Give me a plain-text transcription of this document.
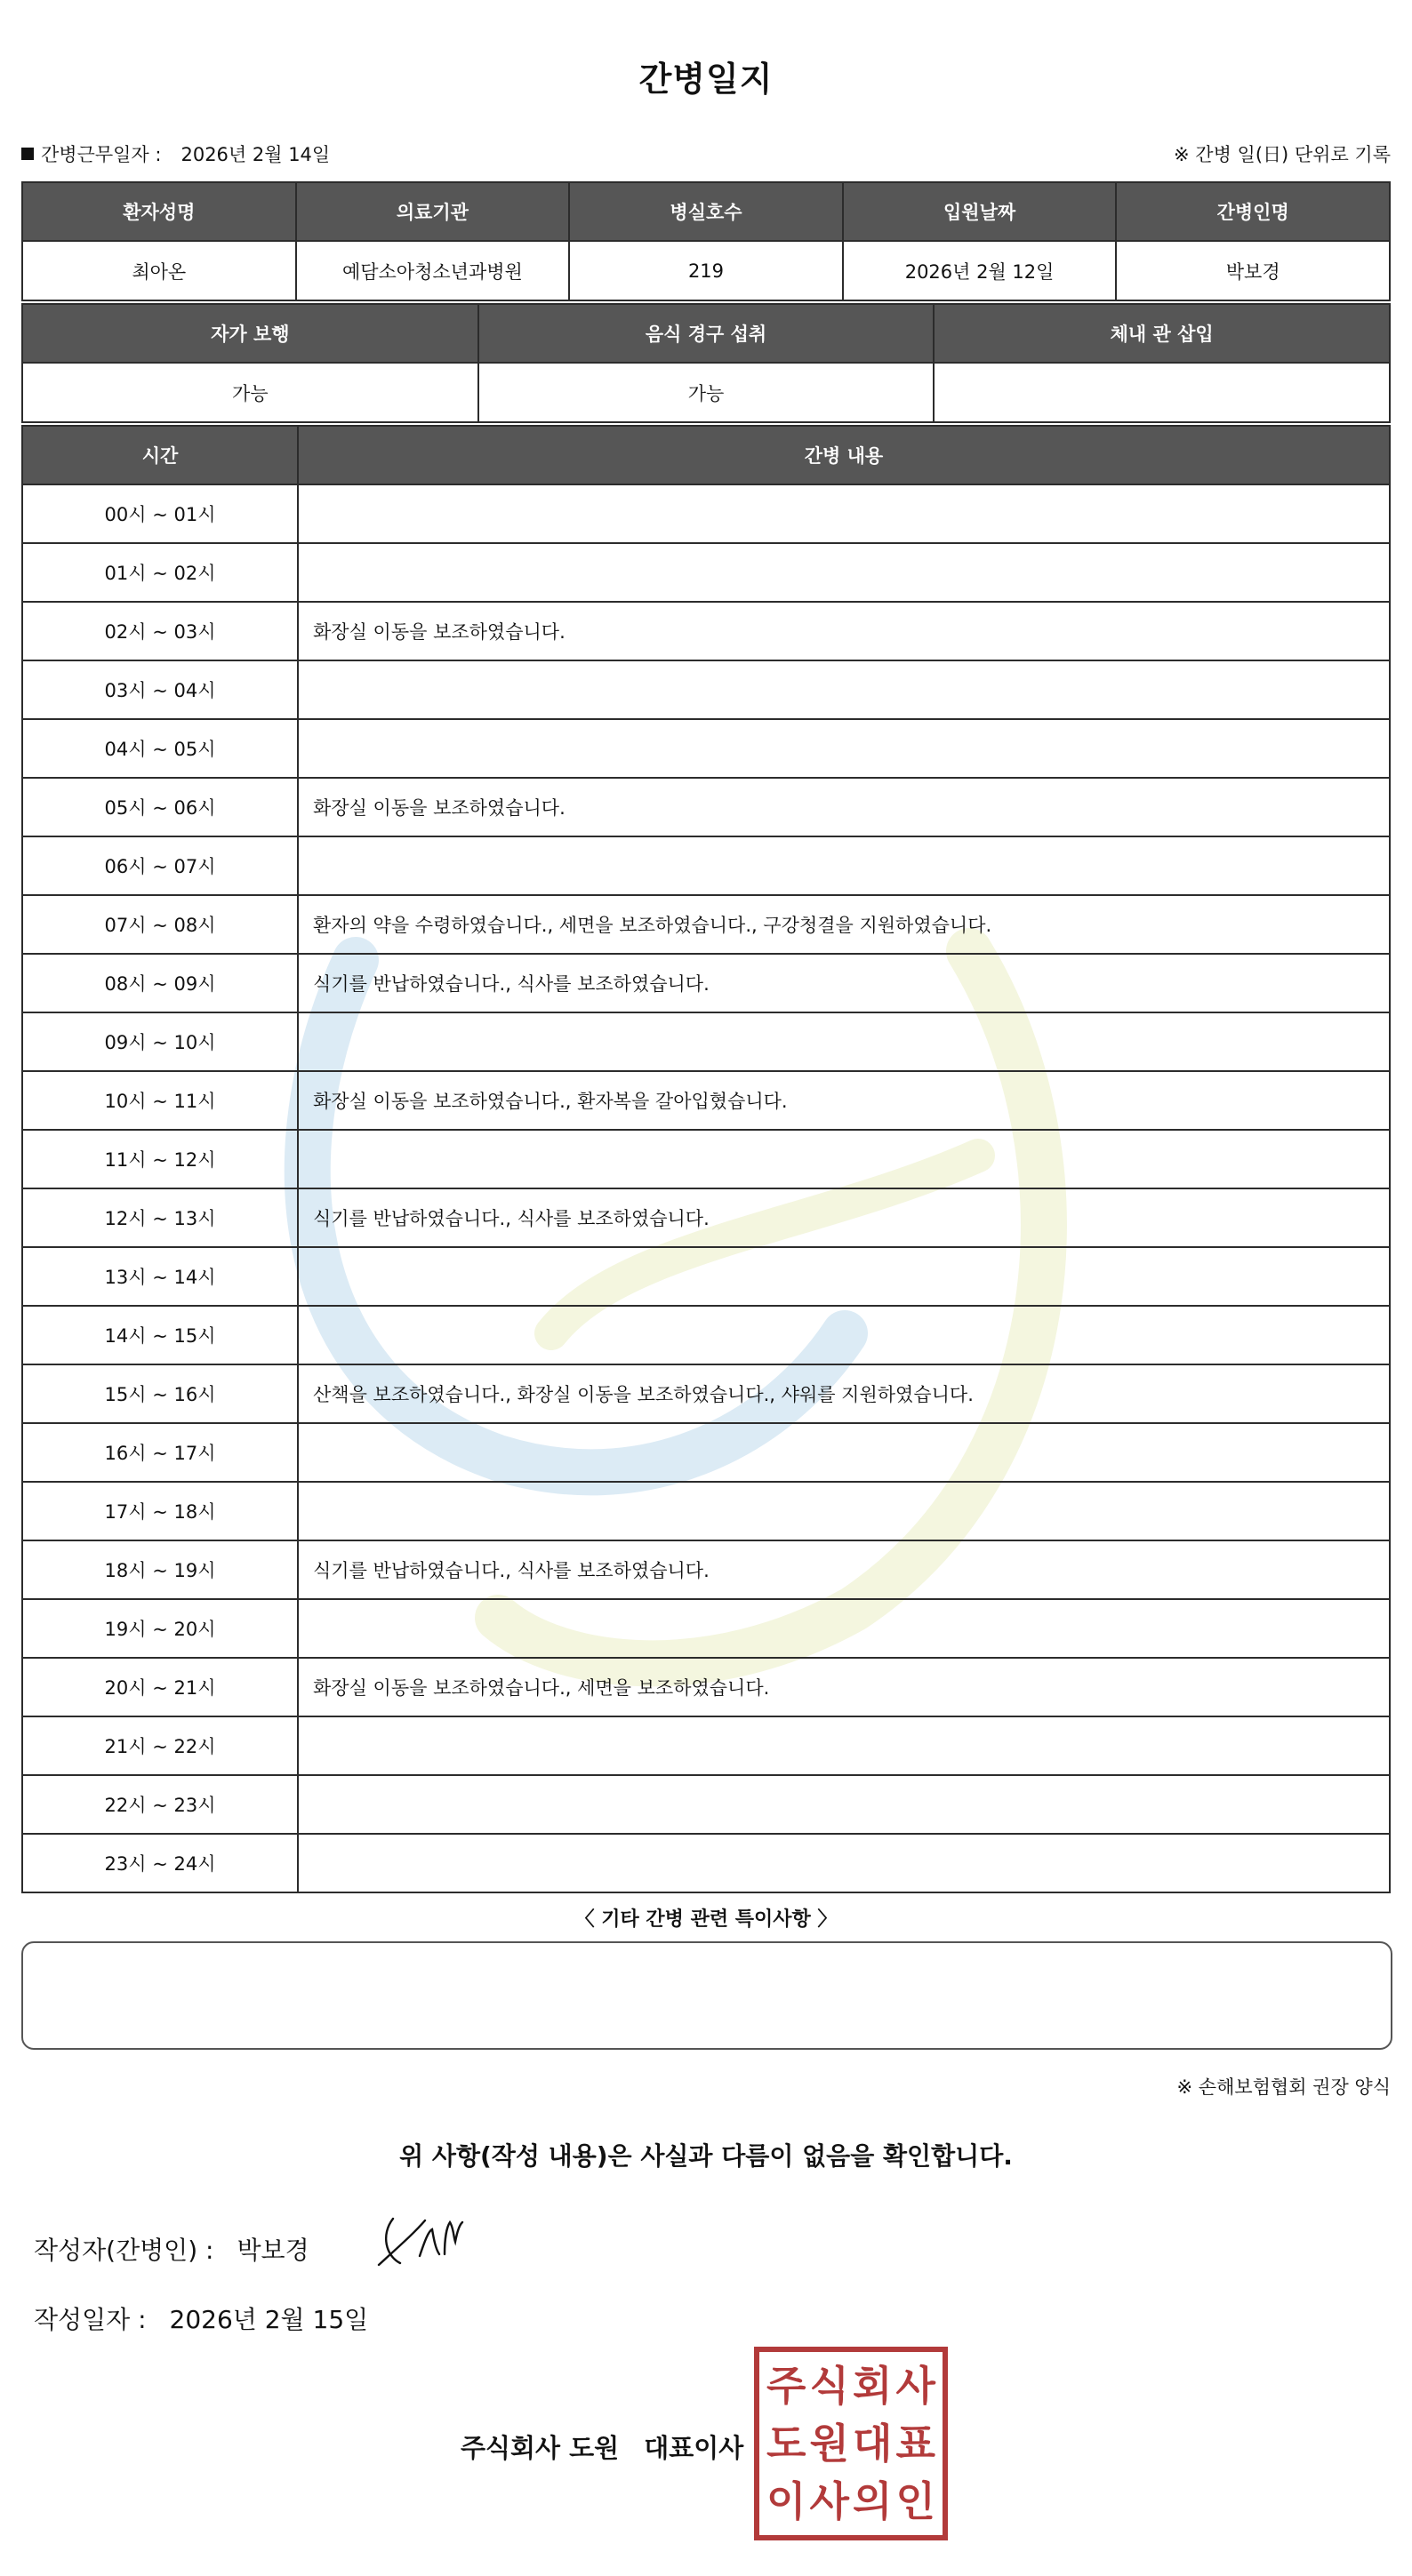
간병일지
간병근무일자 : 2026년 2월 14일	※ 간병 일(日) 단위로 기록
환자성명	의료기관	병실호수	입원날짜	간병인명
최아온	예담소아청소년과병원	219	2026년 2월 12일	박보경
자가 보행	음식 경구 섭취	체내 관 삽입
가능	가능	
시간	간병 내용
00시 ~ 01시	
01시 ~ 02시	
02시 ~ 03시	화장실 이동을 보조하였습니다.
03시 ~ 04시	
04시 ~ 05시	
05시 ~ 06시	화장실 이동을 보조하였습니다.
06시 ~ 07시	
07시 ~ 08시	환자의 약을 수령하였습니다., 세면을 보조하였습니다., 구강청결을 지원하였습니다.
08시 ~ 09시	식기를 반납하였습니다., 식사를 보조하였습니다.
09시 ~ 10시	
10시 ~ 11시	화장실 이동을 보조하였습니다., 환자복을 갈아입혔습니다.
11시 ~ 12시	
12시 ~ 13시	식기를 반납하였습니다., 식사를 보조하였습니다.
13시 ~ 14시	
14시 ~ 15시	
15시 ~ 16시	산책을 보조하였습니다., 화장실 이동을 보조하였습니다., 샤워를 지원하였습니다.
16시 ~ 17시	
17시 ~ 18시	
18시 ~ 19시	식기를 반납하였습니다., 식사를 보조하였습니다.
19시 ~ 20시	
20시 ~ 21시	화장실 이동을 보조하였습니다., 세면을 보조하였습니다.
21시 ~ 22시	
22시 ~ 23시	
23시 ~ 24시	
〈 기타 간병 관련 특이사항 〉
※ 손해보험협회 권장 양식
위 사항(작성 내용)은 사실과 다름이 없음을 확인합니다.
작성자(간병인) : 박보경
작성일자 : 2026년 2월 15일
주식회사 도원 대표이사
주 식 회 사
도 원 대 표
이 사 의 인
